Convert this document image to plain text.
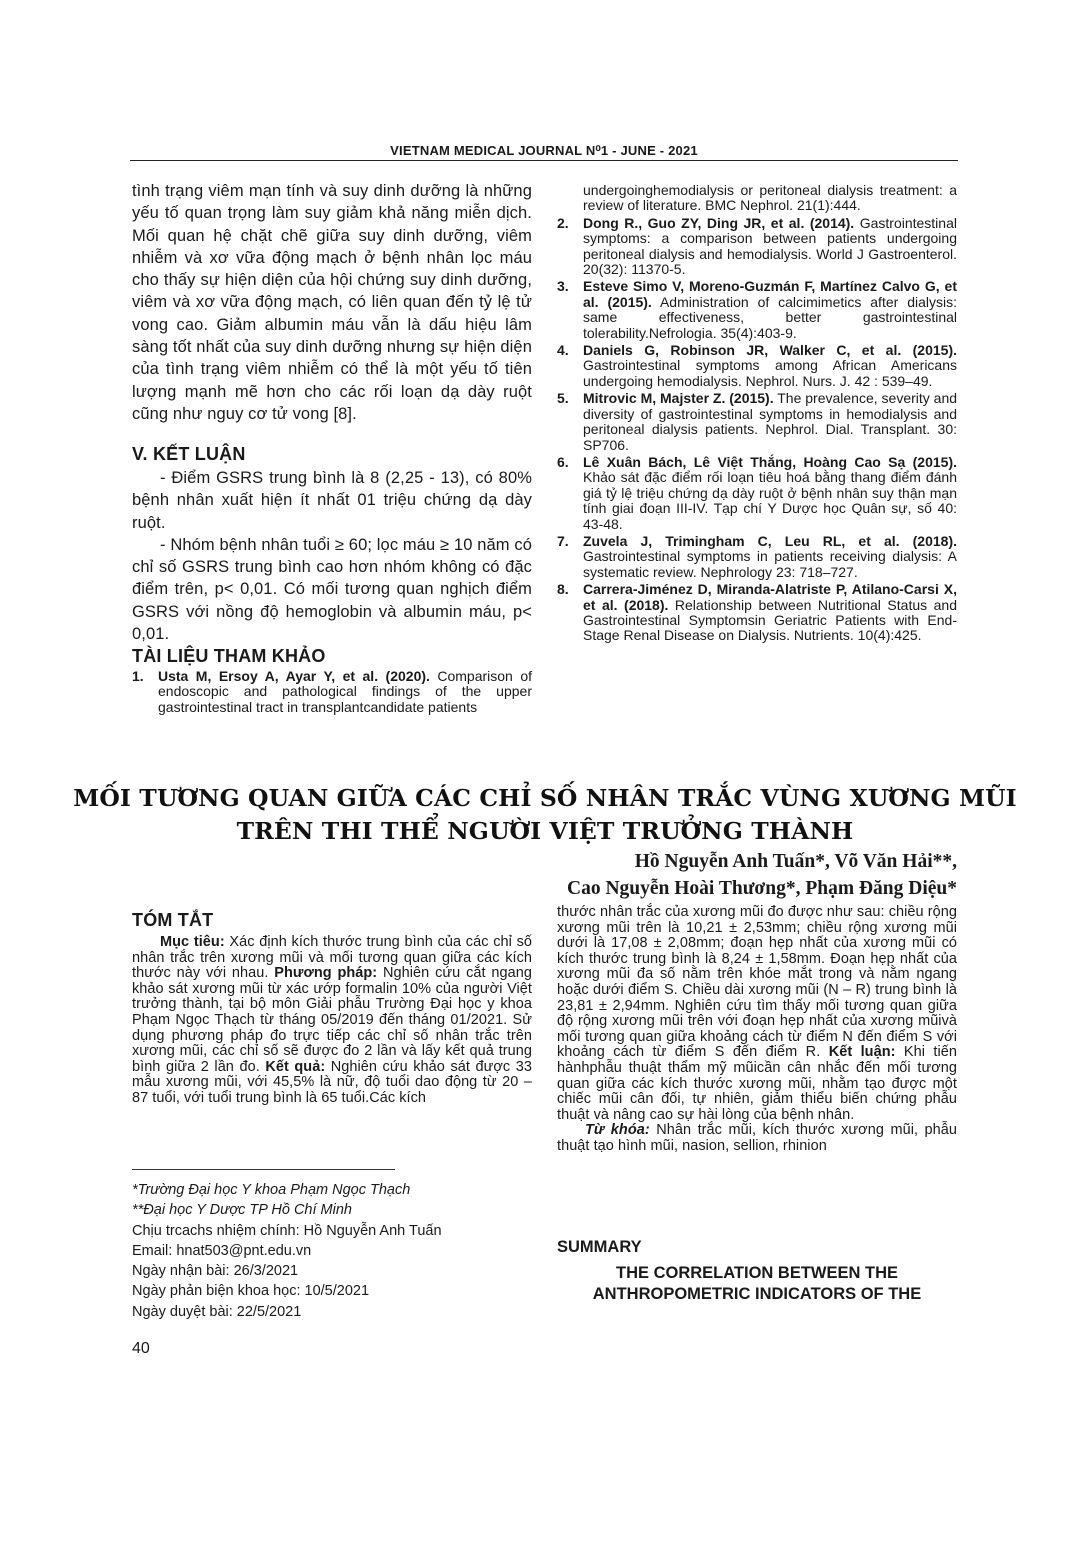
VIETNAM MEDICAL JOURNAL N⁰1 - JUNE - 2021

tình trạng viêm mạn tính và suy dinh dưỡng là những yếu tố quan trọng làm suy giảm khả năng miễn dịch. Mối quan hệ chặt chẽ giữa suy dinh dưỡng, viêm nhiễm và xơ vữa động mạch ở bệnh nhân lọc máu cho thấy sự hiện diện của hội chứng suy dinh dưỡng, viêm và xơ vữa động mạch, có liên quan đến tỷ lệ tử vong cao. Giảm albumin máu vẫn là dấu hiệu lâm sàng tốt nhất của suy dinh dưỡng nhưng sự hiện diện của tình trạng viêm nhiễm có thể là một yếu tố tiên lượng mạnh mẽ hơn cho các rối loạn dạ dày ruột cũng như nguy cơ tử vong [8].

V. KẾT LUẬN

- Điểm GSRS trung bình là 8 (2,25 - 13), có 80% bệnh nhân xuất hiện ít nhất 01 triệu chứng dạ dày ruột.

- Nhóm bệnh nhân tuổi ≥ 60; lọc máu ≥ 10 năm có chỉ số GSRS trung bình cao hơn nhóm không có đặc điểm trên, p< 0,01. Có mối tương quan nghịch điểm GSRS với nồng độ hemoglobin và albumin máu, p< 0,01.

TÀI LIỆU THAM KHẢO
1. Usta M, Ersoy A, Ayar Y, et al. (2020). Comparison of endoscopic and pathological findings of the upper gastrointestinal tract in transplantcandidate patients
undergoinghemodialysis or peritoneal dialysis treatment: a review of literature. BMC Nephrol. 21(1):444.
2. Dong R., Guo ZY, Ding JR, et al. (2014). Gastrointestinal symptoms: a comparison between patients undergoing peritoneal dialysis and hemodialysis. World J Gastroenterol. 20(32): 11370-5.
3. Esteve Simo V, Moreno-Guzmán F, Martínez Calvo G, et al. (2015). Administration of calcimimetics after dialysis: same effectiveness, better gastrointestinal tolerability.Nefrologia. 35(4):403-9.
4. Daniels G, Robinson JR, Walker C, et al. (2015). Gastrointestinal symptoms among African Americans undergoing hemodialysis. Nephrol. Nurs. J. 42 : 539–49.
5. Mitrovic M, Majster Z. (2015). The prevalence, severity and diversity of gastrointestinal symptoms in hemodialysis and peritoneal dialysis patients. Nephrol. Dial. Transplant. 30: SP706.
6. Lê Xuân Bách, Lê Việt Thắng, Hoàng Cao Sạ (2015). Khảo sát đặc điểm rối loạn tiêu hoá bằng thang điểm đánh giá tỷ lệ triệu chứng dạ dày ruột ở bệnh nhân suy thận mạn tính giai đoạn III-IV. Tạp chí Y Dược học Quân sự, số 40: 43-48.
7. Zuvela J, Trimingham C, Leu RL, et al. (2018). Gastrointestinal symptoms in patients receiving dialysis: A systematic review. Nephrology 23: 718–727.
8. Carrera-Jiménez D, Miranda-Alatriste P, Atilano-Carsi X, et al. (2018). Relationship between Nutritional Status and Gastrointestinal Symptomsin Geriatric Patients with End-Stage Renal Disease on Dialysis. Nutrients. 10(4):425.
MỐI TƯƠNG QUAN GIỮA CÁC CHỈ SỐ NHÂN TRẮC VÙNG XƯƠNG MŨI
TRÊN THI THỂ NGƯỜI VIỆT TRƯỞNG THÀNH
Hồ Nguyễn Anh Tuấn*, Võ Văn Hải**,
Cao Nguyễn Hoài Thương*, Phạm Đăng Diệu*
TÓM TẮT

Mục tiêu: Xác định kích thước trung bình của các chỉ số nhân trắc trên xương mũi và mối tương quan giữa các kích thước này với nhau. Phương pháp: Nghiên cứu cắt ngang khảo sát xương mũi từ xác ướp formalin 10% của người Việt trưởng thành, tại bộ môn Giải phẫu Trường Đại học y khoa Phạm Ngọc Thạch từ tháng 05/2019 đến tháng 01/2021. Sử dụng phương pháp đo trực tiếp các chỉ số nhân trắc trên xương mũi, các chỉ số sẽ được đo 2 lần và lấy kết quả trung bình giữa 2 lần đo. Kết quả: Nghiên cứu khảo sát được 33 mẫu xương mũi, với 45,5% là nữ, độ tuổi dao động từ 20 – 87 tuổi, với tuổi trung bình là 65 tuổi.Các kích

thước nhân trắc của xương mũi đo được như sau: chiều rộng xương mũi trên là 10,21 ± 2,53mm; chiều rộng xương mũi dưới là 17,08 ± 2,08mm; đoạn hẹp nhất của xương mũi có kích thước trung bình là 8,24 ± 1,58mm. Đoạn hẹp nhất của xương mũi đa số nằm trên khóe mắt trong và nằm ngang hoặc dưới điểm S. Chiều dài xương mũi (N – R) trung bình là 23,81 ± 2,94mm. Nghiên cứu tìm thấy mối tương quan giữa độ rộng xương mũi trên với đoạn hẹp nhất của xương mũivà mối tương quan giữa khoảng cách từ điểm N đến điểm S với khoảng cách từ điểm S đến điểm R. Kết luận: Khi tiến hànhphẫu thuật thẩm mỹ mũicần cân nhắc đến mối tương quan giữa các kích thước xương mũi, nhằm tạo được một chiếc mũi cân đối, tự nhiên, giảm thiểu biến chứng phẫu thuật và nâng cao sự hài lòng của bệnh nhân.

Từ khóa: Nhân trắc mũi, kích thước xương mũi, phẫu thuật tạo hình mũi, nasion, sellion, rhinion

SUMMARY
THE CORRELATION BETWEEN THE
ANTHROPOMETRIC INDICATORS OF THE
*Trường Đại học Y khoa Phạm Ngọc Thạch
**Đại học Y Dược TP Hồ Chí Minh
Chịu trcachs nhiệm chính: Hồ Nguyễn Anh Tuấn
Email: hnat503@pnt.edu.vn
Ngày nhận bài: 26/3/2021
Ngày phản biện khoa học: 10/5/2021
Ngày duyệt bài: 22/5/2021
40
